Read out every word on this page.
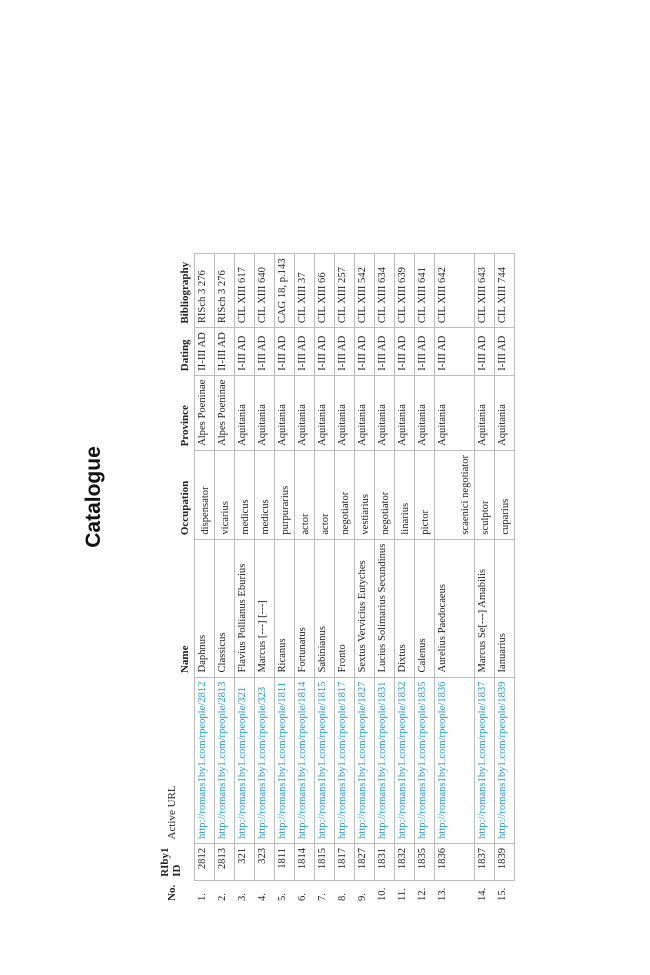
Catalogue
No.	RIby1 ID	Active URL	Name	Occupation	Province	Dating	Bibliography
1.	2812	http://romans1by1.com/rpeople/2812	Daphnus	dispensator	Alpes Poeninae	II-III AD	RISch 3 276
2.	2813	http://romans1by1.com/rpeople/2813	Classicus	vicarius	Alpes Poeninae	II-III AD	RISch 3 276
3.	321	http://romans1by1.com/rpeople/321	Flavius Pollianus Eburius	medicus	Aquitania	I-III AD	CIL XIII 617
4.	323	http://romans1by1.com/rpeople/323	Marcus [---] [---]	medicus	Aquitania	I-III AD	CIL XIII 640
5.	1811	http://romans1by1.com/rpeople/1811	Ricanus	purpurarius	Aquitania	I-III AD	CAG 18, p.143
6.	1814	http://romans1by1.com/rpeople/1814	Fortunatus	actor	Aquitania	I-III AD	CIL XIII 37
7.	1815	http://romans1by1.com/rpeople/1815	Sabinianus	actor	Aquitania	I-III AD	CIL XIII 66
8.	1817	http://romans1by1.com/rpeople/1817	Fronto	negotiator	Aquitania	I-III AD	CIL XIII 257
9.	1827	http://romans1by1.com/rpeople/1827	Sextus Vervicius Eutyches	vestiarius	Aquitania	I-III AD	CIL XIII 542
10.	1831	http://romans1by1.com/rpeople/1831	Lucius Solimarius Secundinus	negotiator	Aquitania	I-III AD	CIL XIII 634
11.	1832	http://romans1by1.com/rpeople/1832	Dixtus	linarius	Aquitania	I-III AD	CIL XIII 639
12.	1835	http://romans1by1.com/rpeople/1835	Calenus	pictor	Aquitania	I-III AD	CIL XIII 641
13.	1836	http://romans1by1.com/rpeople/1836	Aurelius Paedocaeus	scaenici negotiator	Aquitania	I-III AD	CIL XIII 642
14.	1837	http://romans1by1.com/rpeople/1837	Marcus Se[---] Amabilis	sculptor	Aquitania	I-III AD	CIL XIII 643
15.	1839	http://romans1by1.com/rpeople/1839	Ianuarius	cuparius	Aquitania	I-III AD	CIL XIII 744
